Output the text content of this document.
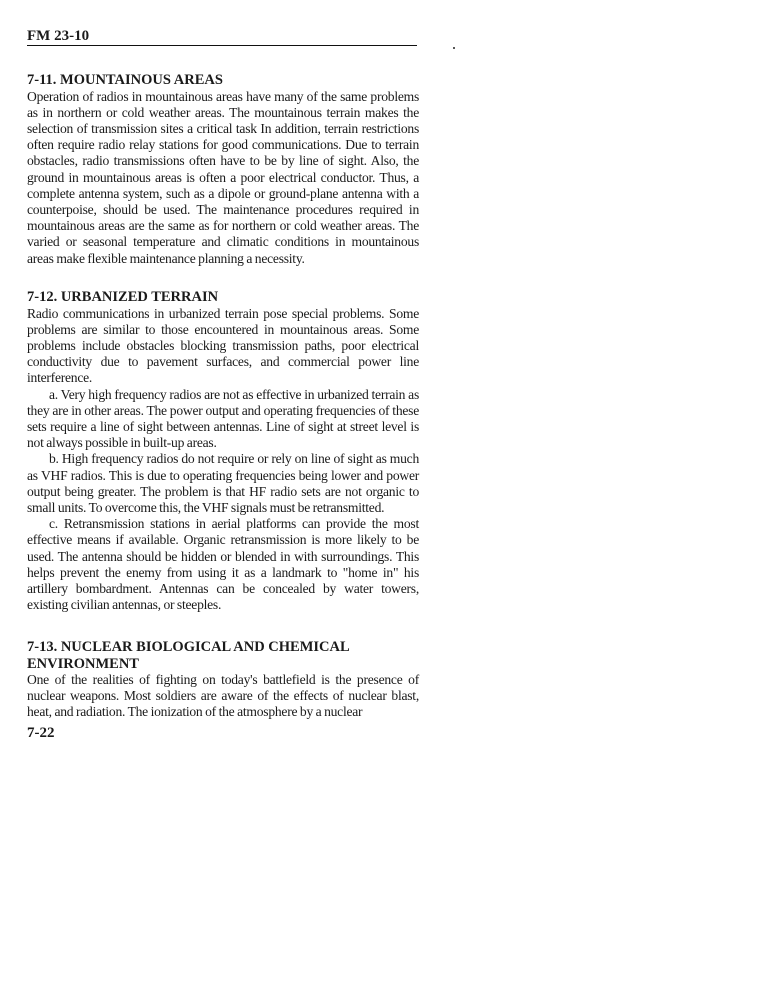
FM 23-10
7-11. MOUNTAINOUS AREAS

Operation of radios in mountainous areas have many of the same problems as in northern or cold weather areas. The mountainous terrain makes the selection of transmission sites a critical task In addition, terrain restrictions often require radio relay stations for good communications. Due to terrain obstacles, radio transmissions often have to be by line of sight. Also, the ground in mountainous areas is often a poor electrical conductor. Thus, a complete antenna system, such as a dipole or ground-plane antenna with a counterpoise, should be used. The maintenance procedures required in mountainous areas are the same as for northern or cold weather areas. The varied or seasonal temperature and climatic conditions in mountainous areas make flexible maintenance planning a necessity.

7-12. URBANIZED TERRAIN

Radio communications in urbanized terrain pose special problems. Some problems are similar to those encountered in mountainous areas. Some problems include obstacles blocking transmission paths, poor electrical conductivity due to pavement surfaces, and commercial power line interference.

a. Very high frequency radios are not as effective in urbanized terrain as they are in other areas. The power output and operating frequencies of these sets require a line of sight between antennas. Line of sight at street level is not always possible in built-up areas.

b. High frequency radios do not require or rely on line of sight as much as VHF radios. This is due to operating frequencies being lower and power output being greater. The problem is that HF radio sets are not organic to small units. To overcome this, the VHF signals must be retransmitted.

c. Retransmission stations in aerial platforms can provide the most effective means if available. Organic retransmission is more likely to be used. The antenna should be hidden or blended in with surroundings. This helps prevent the enemy from using it as a landmark to "home in" his artillery bombardment. Antennas can be concealed by water towers, existing civilian antennas, or steeples.

7-13. NUCLEAR BIOLOGICAL AND CHEMICAL ENVIRONMENT

One of the realities of fighting on today's battlefield is the presence of nuclear weapons. Most soldiers are aware of the effects of nuclear blast, heat, and radiation. The ionization of the atmosphere by a nuclear

7-22
